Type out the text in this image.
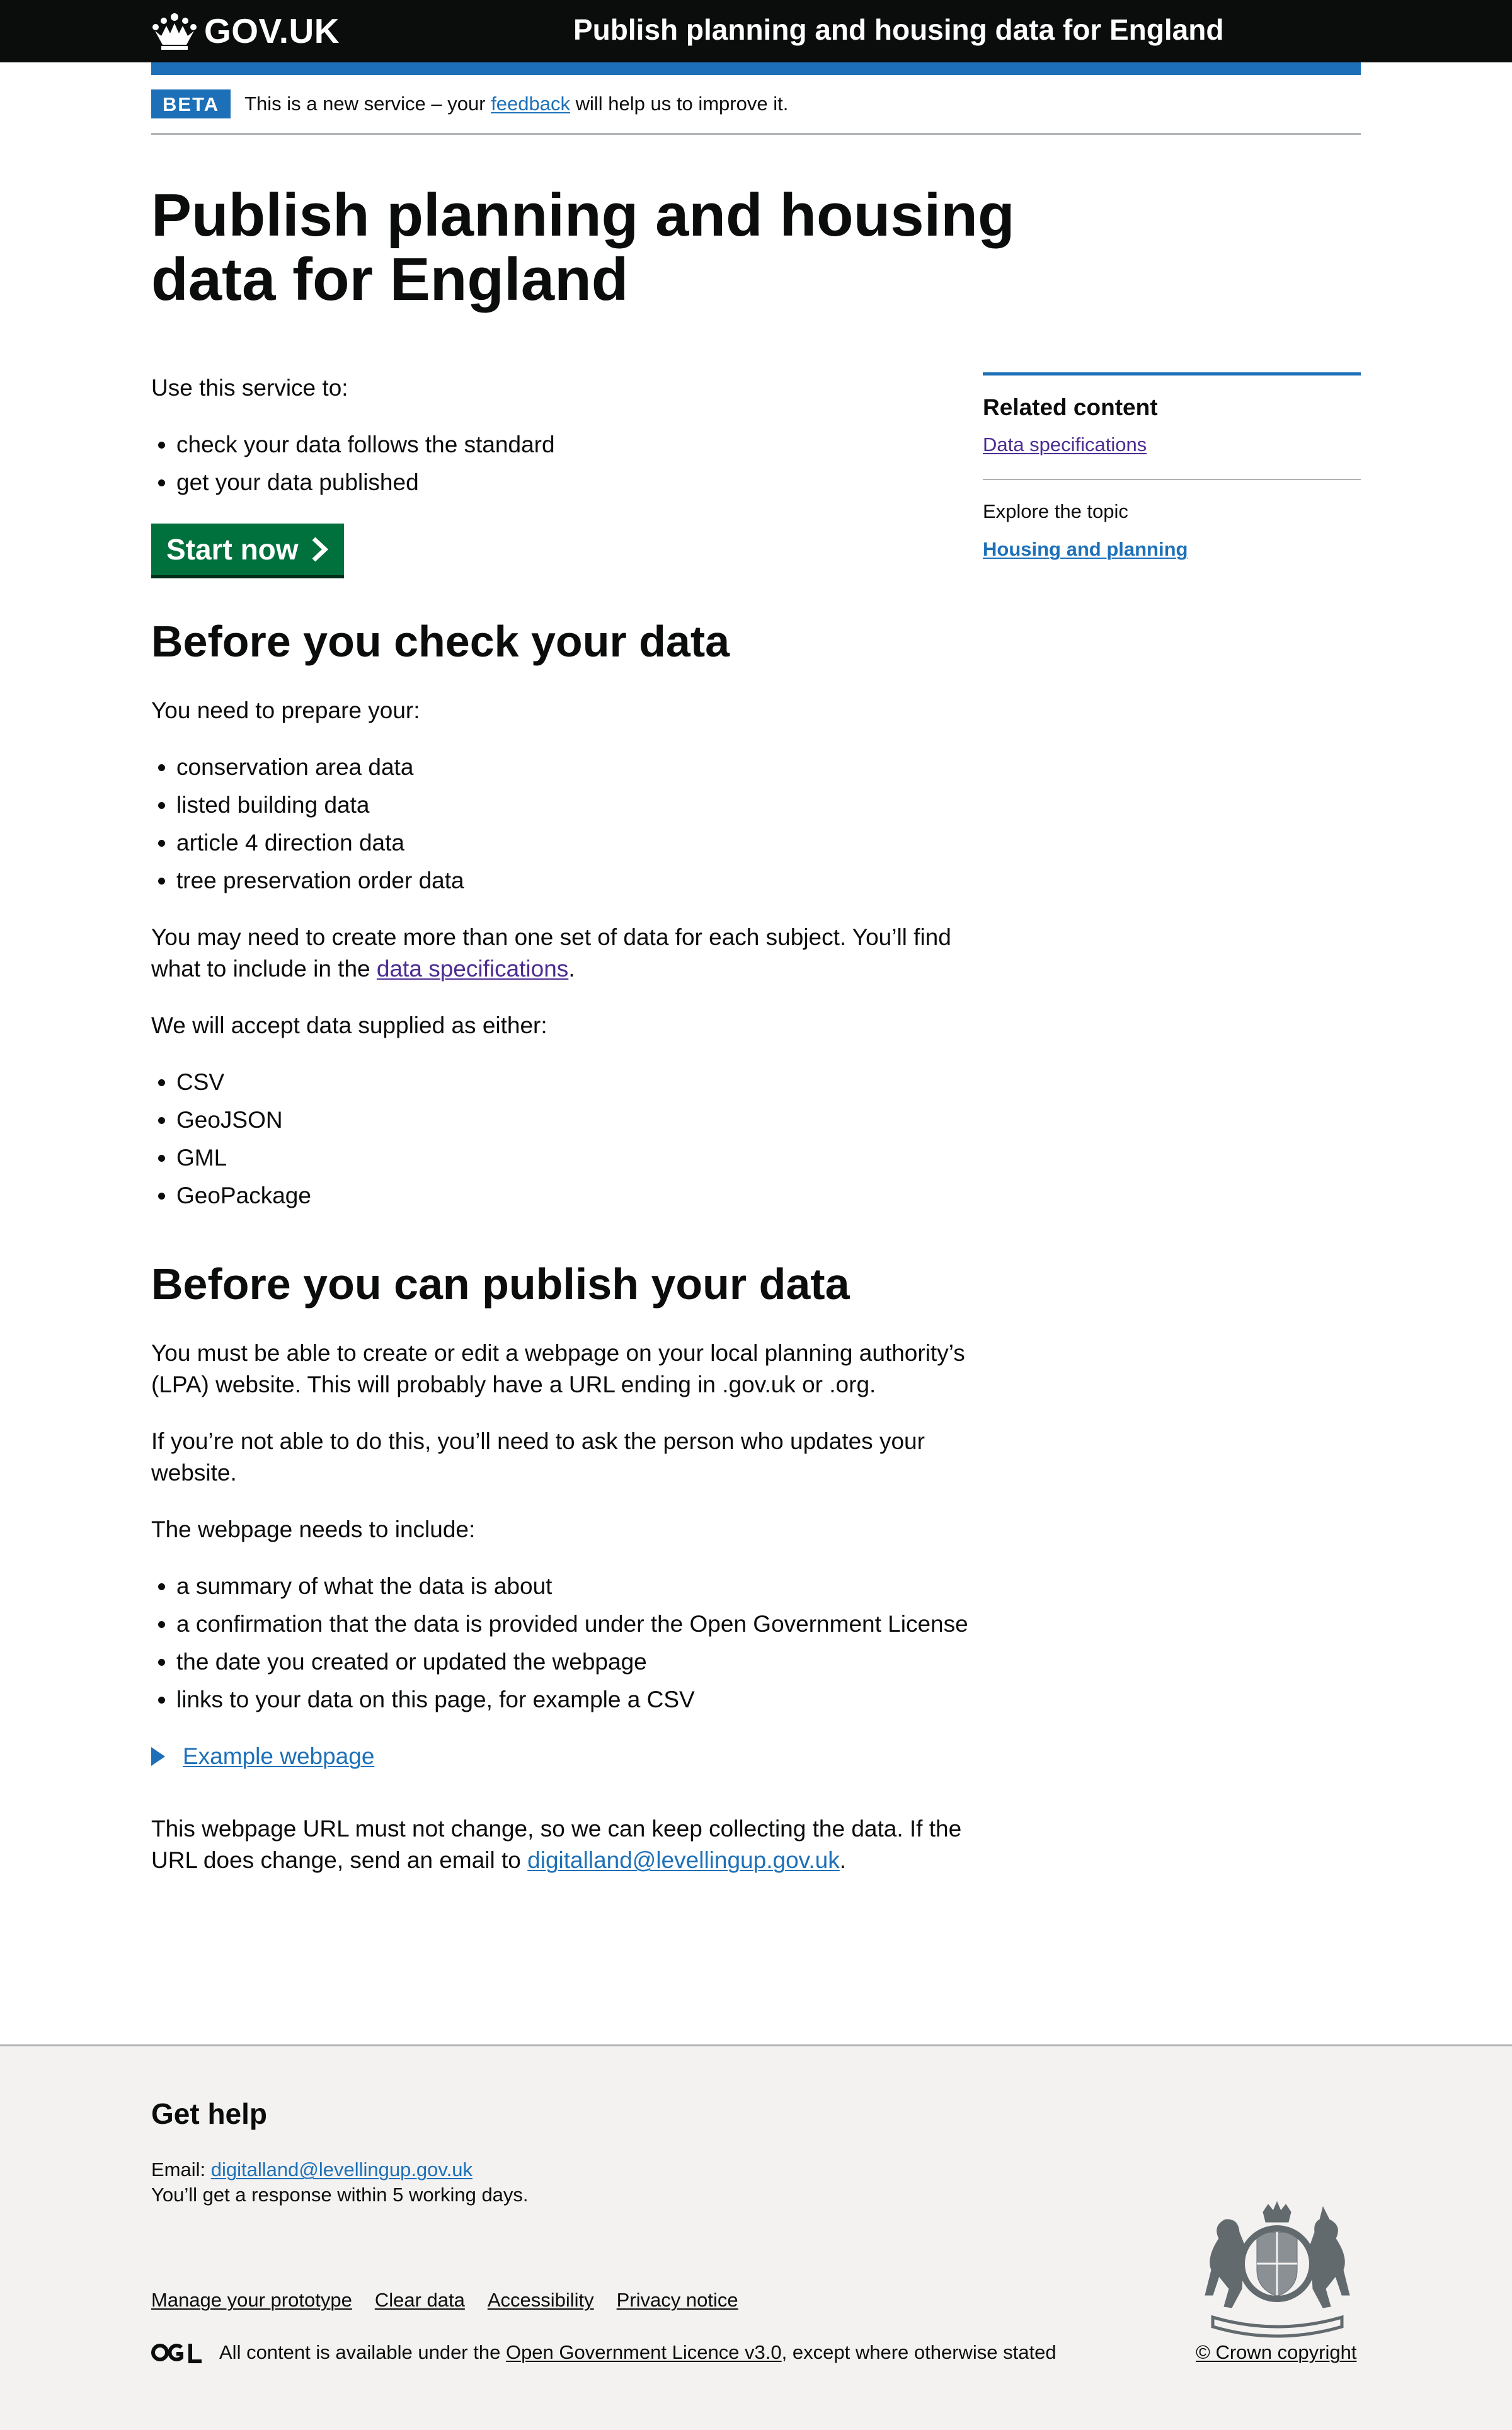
GOV.UK	Publish planning and housing data for England
BETA	This is a new service – your feedback will help us to improve it.
Publish planning and housing data for England

Use this service to:

• check your data follows the standard
• get your data published
Start now
Before you check your data

You need to prepare your:

• conservation area data
• listed building data
• article 4 direction data
• tree preservation order data

You may need to create more than one set of data for each subject. You’ll find what to include in the data specifications.

We will accept data supplied as either:

• CSV
• GeoJSON
• GML
• GeoPackage
Before you can publish your data

You must be able to create or edit a webpage on your local planning authority’s (LPA) website. This will probably have a URL ending in .gov.uk or .org.

If you’re not able to do this, you’ll need to ask the person who updates your website.

The webpage needs to include:

• a summary of what the data is about
• a confirmation that the data is provided under the Open Government License
• the date you created or updated the webpage
• links to your data on this page, for example a CSV
Example webpage

This webpage URL must not change, so we can keep collecting the data. If the URL does change, send an email to digitalland@levellingup.gov.uk.

Related content
Data specifications
Explore the topic
Housing and planning
Get help
Email: digitalland@levellingup.gov.uk
You’ll get a response within 5 working days.
Manage your prototype Clear data Accessibility Privacy notice
All content is available under the Open Government Licence v3.0, except where otherwise stated	© Crown copyright
